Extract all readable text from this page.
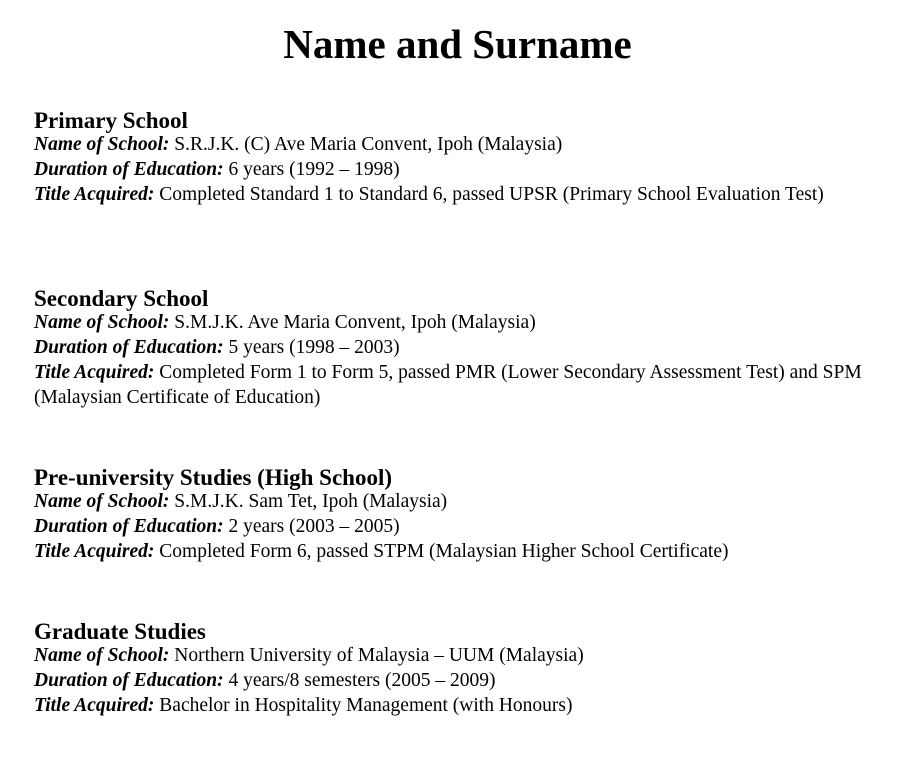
Name and Surname

Primary School

Name of School: S.R.J.K. (C) Ave Maria Convent, Ipoh (Malaysia)

Duration of Education: 6 years (1992 – 1998)

Title Acquired: Completed Standard 1 to Standard 6, passed UPSR (Primary School Evaluation Test)

Secondary School

Name of School: S.M.J.K. Ave Maria Convent, Ipoh (Malaysia)

Duration of Education: 5 years (1998 – 2003)

Title Acquired: Completed Form 1 to Form 5, passed PMR (Lower Secondary Assessment Test) and SPM (Malaysian Certificate of Education)

Pre-university Studies (High School)

Name of School: S.M.J.K. Sam Tet, Ipoh (Malaysia)

Duration of Education: 2 years (2003 – 2005)

Title Acquired: Completed Form 6, passed STPM (Malaysian Higher School Certificate)

Graduate Studies

Name of School: Northern University of Malaysia – UUM (Malaysia)

Duration of Education: 4 years/8 semesters (2005 – 2009)

Title Acquired: Bachelor in Hospitality Management (with Honours)
